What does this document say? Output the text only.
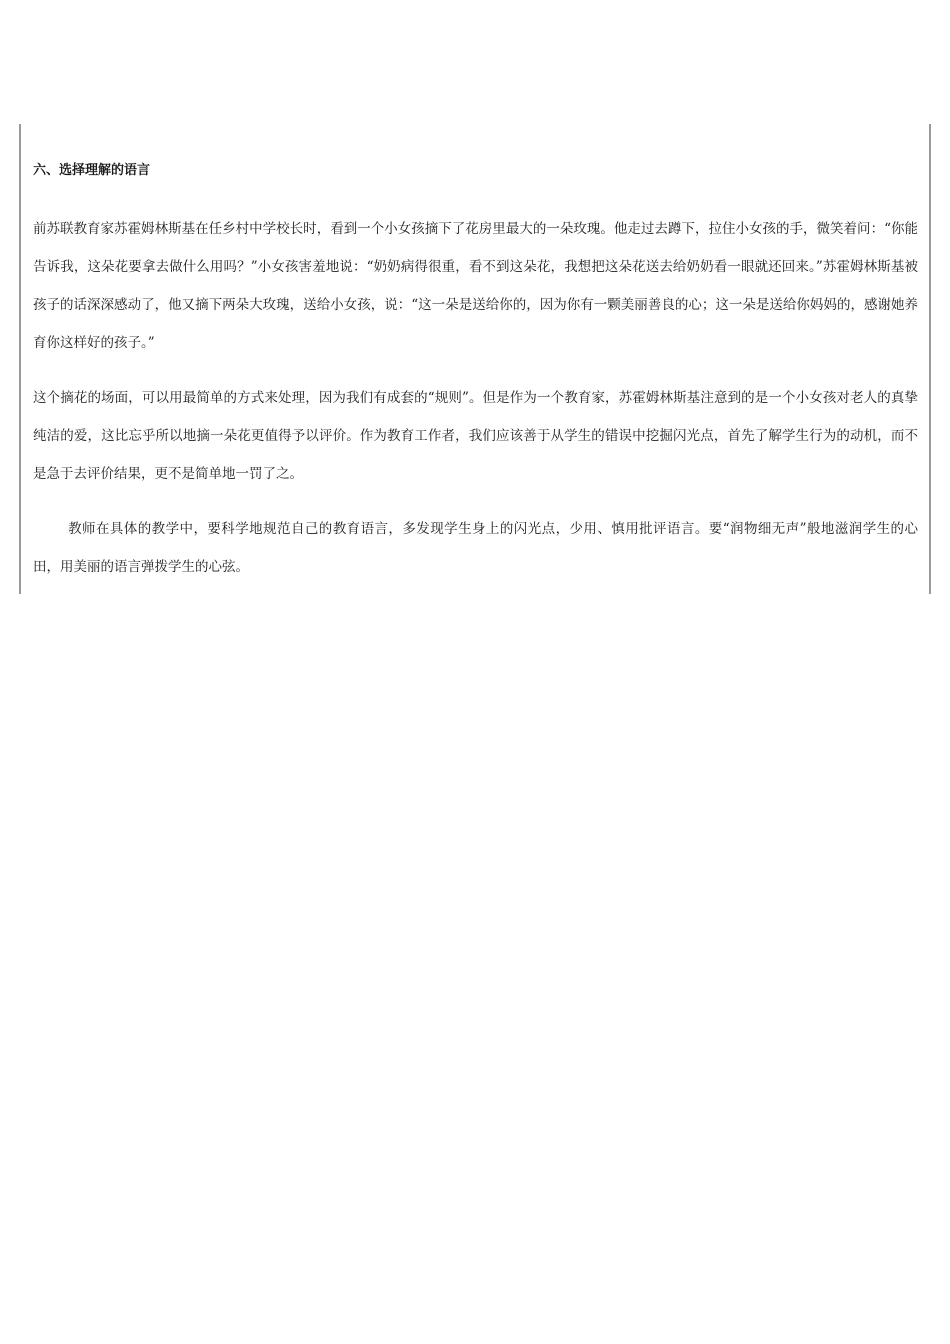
六、选择理解的语言

前苏联教育家苏霍姆林斯基在任乡村中学校长时，看到一个小女孩摘下了花房里最大的一朵玫瑰。他走过去蹲下，拉住小女孩的手，微笑着问：“你能告诉我，这朵花要拿去做什么用吗？”小女孩害羞地说：“奶奶病得很重，看不到这朵花，我想把这朵花送去给奶奶看一眼就还回来。”苏霍姆林斯基被孩子的话深深感动了，他又摘下两朵大玫瑰，送给小女孩，说：“这一朵是送给你的，因为你有一颗美丽善良的心；这一朵是送给你妈妈的，感谢她养育你这样好的孩子。”

这个摘花的场面，可以用最简单的方式来处理，因为我们有成套的“规则”。但是作为一个教育家，苏霍姆林斯基注意到的是一个小女孩对老人的真挚纯洁的爱，这比忘乎所以地摘一朵花更值得予以评价。作为教育工作者，我们应该善于从学生的错误中挖掘闪光点，首先了解学生行为的动机，而不是急于去评价结果，更不是简单地一罚了之。

教师在具体的教学中，要科学地规范自己的教育语言，多发现学生身上的闪光点，少用、慎用批评语言。要“润物细无声”般地滋润学生的心田，用美丽的语言弹拨学生的心弦。
